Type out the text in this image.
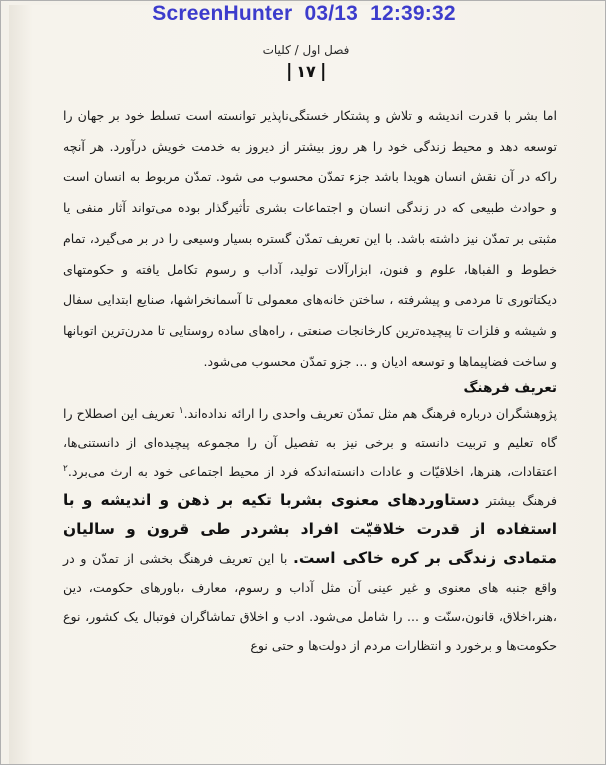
فصل اول / کلیات
۱۷

اما بشر با قدرت اندیشه و تلاش و پشتکار خستگی‌ناپذیر توانسته است تسلط خود بر جهان را توسعه دهد و محیط زندگی خود را هر روز بیشتر از دیروز به خدمت خویش درآورد. هر آنچه راکه در آن نقش انسان هویدا باشد جزء تمدّن محسوب می شود. تمدّن مربوط به انسان است و حوادث طبیعی که در زندگی انسان و اجتماعات بشری تأثیرگذار بوده می‌تواند آثار منفی یا مثبتی بر تمدّن نیز داشته باشد. با این تعریف تمدّن گستره بسیار وسیعی را در بر می‌گیرد، تمام خطوط و الفباها، علوم و فنون، ابزارآلات تولید، آداب و رسوم تکامل یافته و حکومتهای دیکتاتوری تا مردمی و پیشرفته ، ساختن خانه‌های معمولی تا آسمانخراشها، صنایع ابتدایی سفال و شیشه و فلزات تا پیچیده‌ترین کارخانجات صنعتی ، راه‌های ساده روستایی تا مدرن‌ترین اتوبانها و ساخت فضاپیماها و توسعه ادیان و ... جزو تمدّن محسوب می‌شود.

تعریف فرهنگ

پژوهشگران درباره فرهنگ هم مثل تمدّن تعریف واحدی را ارائه نداده‌اند.$^۱$ تعریف این اصطلاح را گاه تعلیم و تربیت دانسته و برخی نیز به تفصیل آن را مجموعه پیچیده‌ای از دانستنی‌ها، اعتقادات، هنرها، اخلاقیّات و عادات دانسته‌اندکه فرد از محیط اجتماعی خود به ارث می‌برد.$^۲$ فرهنگ بیشتر دستاوردهای معنوی بشربا تکیه بر ذهن و اندیشه و با استفاده از قدرت خلاقیّت افراد بشردر طی قرون و سالیان متمادی زندگی بر کره خاکی است. با این تعریف فرهنگ بخشی از تمدّن و در واقع جنبه های معنوی و غیر عینی آن مثل آداب و رسوم، معارف ،باورهای حکومت، دین ،هنر،اخلاق، قانون،سنّت و ... را شامل می‌شود. ادب و اخلاق تماشاگران فوتبال یک کشور، نوع حکومت‌ها و برخورد و انتظارات مردم از دولت‌ها و حتی نوع

ScreenHunter  03/13  12:39:32
